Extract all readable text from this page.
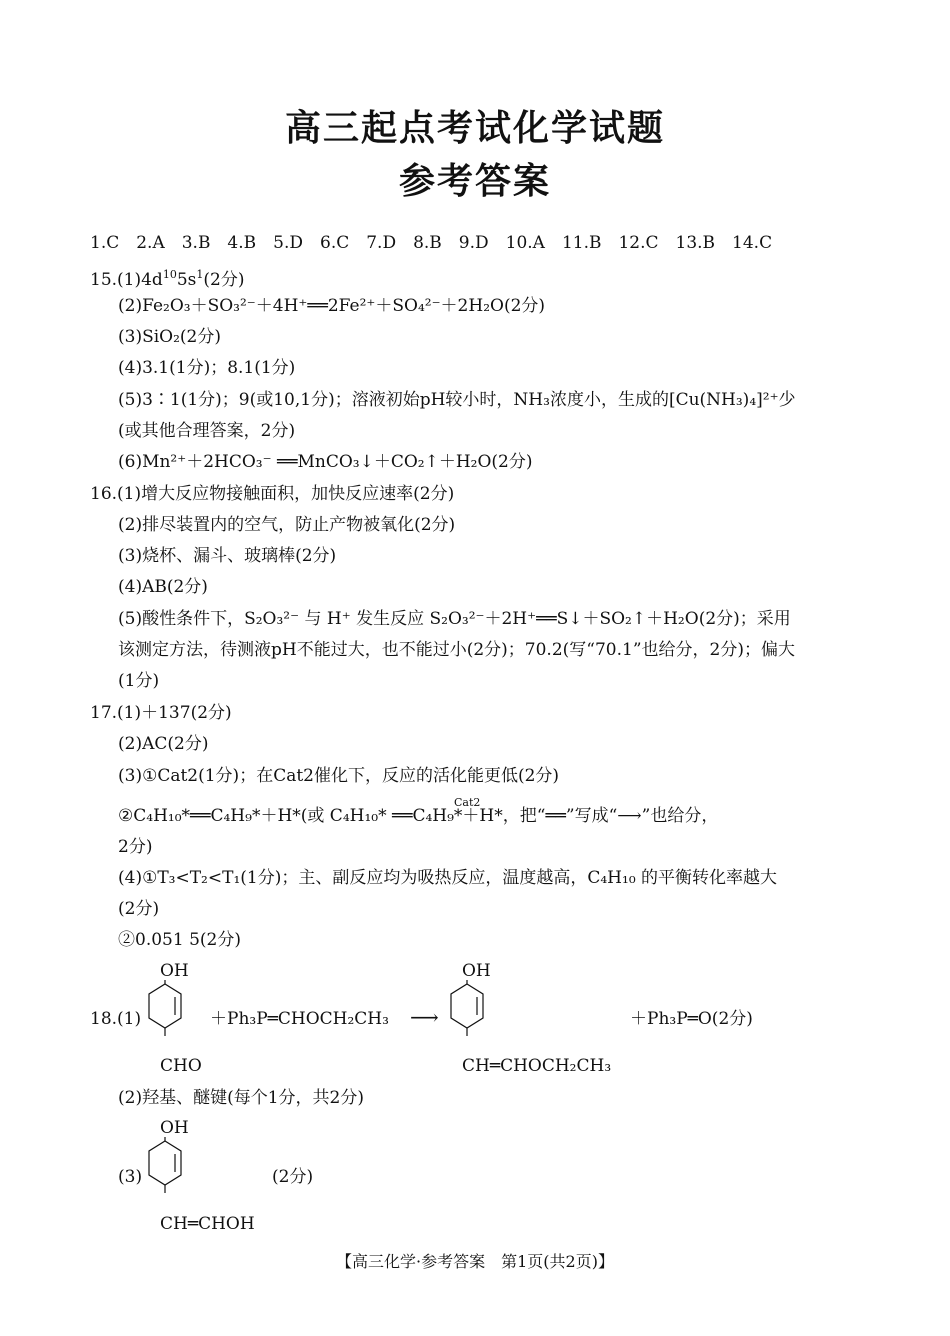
高三起点考试化学试题
参考答案
1.C　2.A　3.B　4.B　5.D　6.C　7.D　8.B　9.D　10.A　11.B　12.C　13.B　14.C
$15.(1)4d^{10}5s^1(2$分)
(2)Fe₂O₃＋SO₃²⁻＋4H⁺══2Fe²⁺＋SO₄²⁻＋2H₂O(2分)
(3)SiO₂(2分)
(4)3.1(1分)；8.1(1分)
(5)3∶1(1分)；9(或10,1分)；溶液初始pH较小时，NH₃浓度小，生成的[Cu(NH₃)₄]²⁺少
(或其他合理答案，2分)
(6)Mn²⁺＋2HCO₃⁻ ══MnCO₃↓＋CO₂↑＋H₂O(2分)
16.(1)增大反应物接触面积，加快反应速率(2分)
(2)排尽装置内的空气，防止产物被氧化(2分)
(3)烧杯、漏斗、玻璃棒(2分)
(4)AB(2分)
(5)酸性条件下，S₂O₃²⁻ 与 H⁺ 发生反应 S₂O₃²⁻＋2H⁺══S↓＋SO₂↑＋H₂O(2分)；采用
该测定方法，待测液pH不能过大，也不能过小(2分)；70.2(写“70.1”也给分，2分)；偏大
(1分)
17.(1)＋137(2分)
(2)AC(2分)
(3)①Cat2(1分)；在Cat2催化下，反应的活化能更低(2分)
Cat2
②C₄H₁₀*══C₄H₉*＋H*(或 C₄H₁₀* ══C₄H₉*＋H*，把“══”写成“⟶”也给分，
2分)
(4)①T₃<T₂<T₁(1分)；主、副反应均为吸热反应，温度越高，C₄H₁₀ 的平衡转化率越大
(2分)
②0.051 5(2分)
18.(1)
OH
CHO
＋Ph₃P═CHOCH₂CH₃ ⟶
OH
CH═CHOCH₂CH₃
＋Ph₃P═O(2分)
(2)羟基、醚键(每个1分，共2分)
OH
(3)	(2分)
CH═CHOH
【高三化学·参考答案　第1页(共2页)】
